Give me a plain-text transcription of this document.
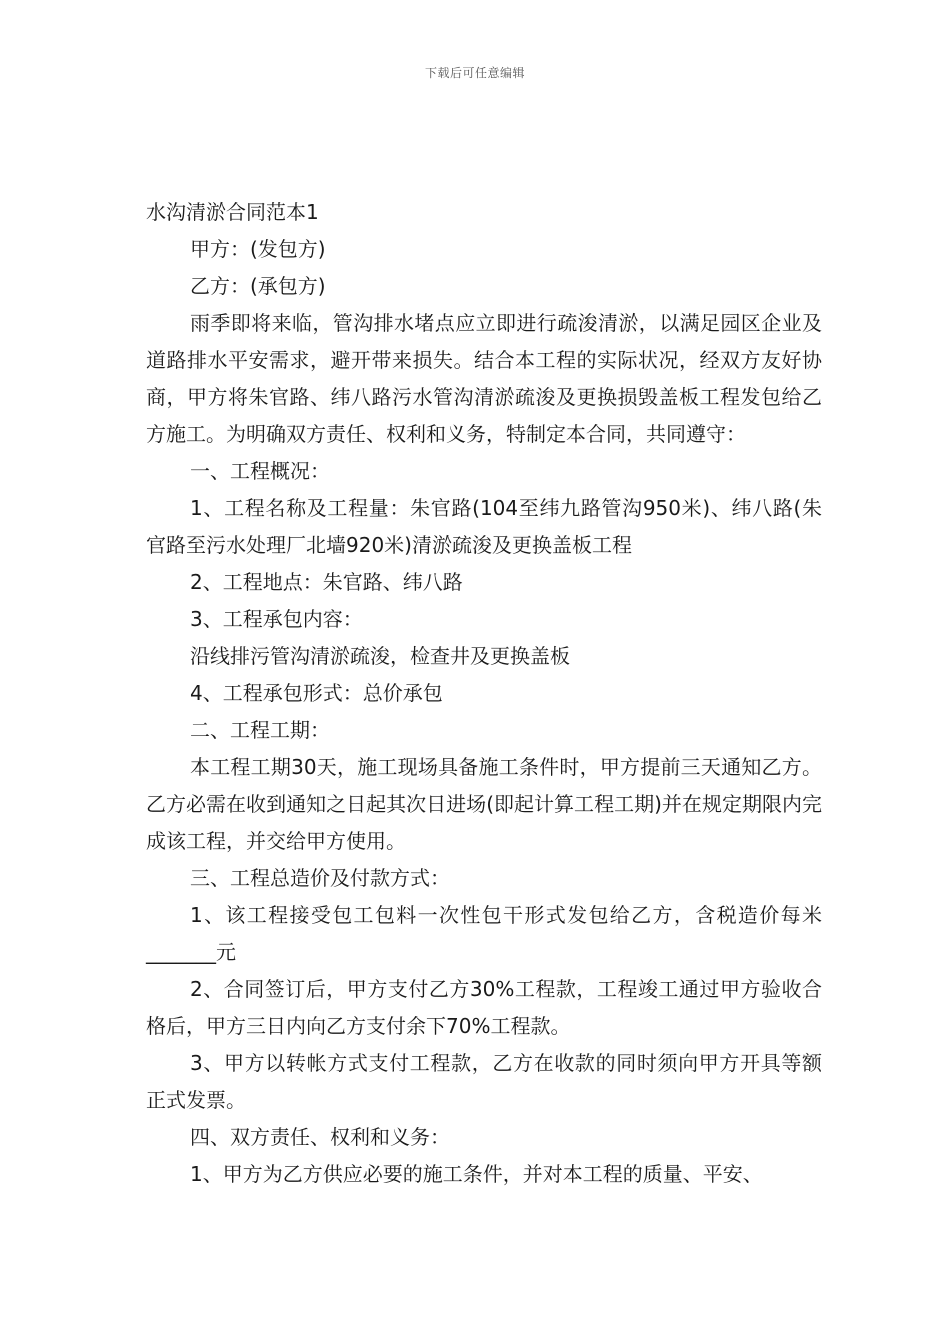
下载后可任意编辑

水沟清淤合同范本1

甲方：(发包方)

乙方：(承包方)

雨季即将来临，管沟排水堵点应立即进行疏浚清淤，以满足园区企业及道路排水平安需求，避开带来损失。结合本工程的实际状况，经双方友好协商，甲方将朱官路、纬八路污水管沟清淤疏浚及更换损毁盖板工程发包给乙方施工。为明确双方责任、权利和义务，特制定本合同，共同遵守：

一、工程概况：

1、工程名称及工程量：朱官路(104至纬九路管沟950米)、纬八路(朱官路至污水处理厂北墙920米)清淤疏浚及更换盖板工程

2、工程地点：朱官路、纬八路

3、工程承包内容：

沿线排污管沟清淤疏浚，检查井及更换盖板

4、工程承包形式：总价承包

二、工程工期：

本工程工期30天，施工现场具备施工条件时，甲方提前三天通知乙方。乙方必需在收到通知之日起其次日进场(即起计算工程工期)并在规定期限内完成该工程，并交给甲方使用。

三、工程总造价及付款方式：

1、该工程接受包工包料一次性包干形式发包给乙方，含税造价每米_______元

2、合同签订后，甲方支付乙方30%工程款，工程竣工通过甲方验收合格后，甲方三日内向乙方支付余下70%工程款。

3、甲方以转帐方式支付工程款，乙方在收款的同时须向甲方开具等额正式发票。

四、双方责任、权利和义务：

1、甲方为乙方供应必要的施工条件，并对本工程的质量、平安、
